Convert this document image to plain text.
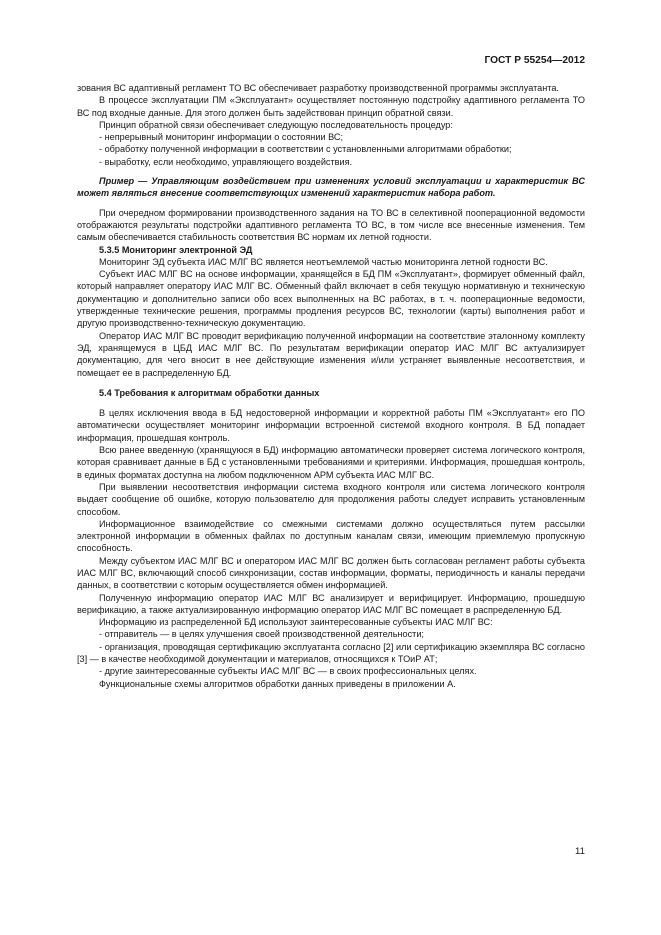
ГОСТ Р 55254—2012

зования ВС адаптивный регламент ТО ВС обеспечивает разработку производственной программы эксплуатанта.

В процессе эксплуатации ПМ «Эксплуатант» осуществляет постоянную подстройку адаптивного регламента ТО ВС под входные данные. Для этого должен быть задействован принцип обратной связи.

Принцип обратной связи обеспечивает следующую последовательность процедур:

- непрерывный мониторинг информации о состоянии ВС;

- обработку полученной информации в соответствии с установленными алгоритмами обработки;

- выработку, если необходимо, управляющего воздействия.

Пример — Управляющим воздействием при изменениях условий эксплуатации и характеристик ВС может являться внесение соответствующих изменений характеристик набора работ.

При очередном формировании производственного задания на ТО ВС в селективной пооперационной ведомости отображаются результаты подстройки адаптивного регламента ТО ВС, в том числе все внесенные изменения. Тем самым обеспечивается стабильность соответствия ВС нормам их летной годности.

5.3.5 Мониторинг электронной ЭД

Мониторинг ЭД субъекта ИАС МЛГ ВС является неотъемлемой частью мониторинга летной годности ВС.

Субъект ИАС МЛГ ВС на основе информации, хранящейся в БД ПМ «Эксплуатант», формирует обменный файл, который направляет оператору ИАС МЛГ ВС. Обменный файл включает в себя текущую нормативную и техническую документацию и дополнительно записи обо всех выполненных на ВС работах, в т. ч. пооперационные ведомости, утвержденные технические решения, программы продления ресурсов ВС, технологии (карты) выполнения работ и другую производственно-техническую документацию.

Оператор ИАС МЛГ ВС проводит верификацию полученной информации на соответствие эталонному комплекту ЭД, хранящемуся в ЦБД ИАС МЛГ ВС. По результатам верификации оператор ИАС МЛГ ВС актуализирует документацию, для чего вносит в нее действующие изменения и/или устраняет выявленные несоответствия, и помещает ее в распределенную БД.

5.4 Требования к алгоритмам обработки данных

В целях исключения ввода в БД недостоверной информации и корректной работы ПМ «Эксплуатант» его ПО автоматически осуществляет мониторинг информации встроенной системой входного контроля. В БД попадает информация, прошедшая контроль.

Всю ранее введенную (хранящуюся в БД) информацию автоматически проверяет система логического контроля, которая сравнивает данные в БД с установленными требованиями и критериями. Информация, прошедшая контроль, в единых форматах доступна на любом подключенном АРМ субъекта ИАС МЛГ ВС.

При выявлении несоответствия информации система входного контроля или система логического контроля выдает сообщение об ошибке, которую пользователю для продолжения работы следует исправить установленным способом.

Информационное взаимодействие со смежными системами должно осуществляться путем рассылки электронной информации в обменных файлах по доступным каналам связи, имеющим приемлемую пропускную способность.

Между субъектом ИАС МЛГ ВС и оператором ИАС МЛГ ВС должен быть согласован регламент работы субъекта ИАС МЛГ ВС, включающий способ синхронизации, состав информации, форматы, периодичность и каналы передачи данных, в соответствии с которым осуществляется обмен информацией.

Полученную информацию оператор ИАС МЛГ ВС анализирует и верифицирует. Информацию, прошедшую верификацию, а также актуализированную информацию оператор ИАС МЛГ ВС помещает в распределенную БД.

Информацию из распределенной БД используют заинтересованные субъекты ИАС МЛГ ВС:

- отправитель — в целях улучшения своей производственной деятельности;

- организация, проводящая сертификацию эксплуатанта согласно [2] или сертификацию экземпляра ВС согласно [3] — в качестве необходимой документации и материалов, относящихся к ТОиР АТ;

- другие заинтересованные субъекты ИАС МЛГ ВС — в своих профессиональных целях.

Функциональные схемы алгоритмов обработки данных приведены в приложении А.

11
